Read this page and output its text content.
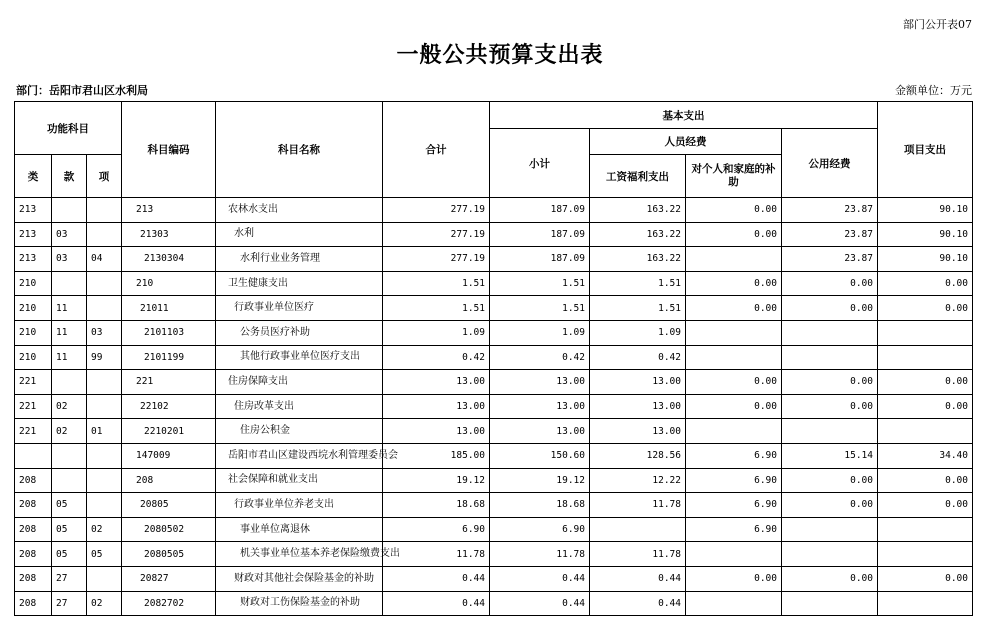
部门公开表07
一般公共预算支出表
部门：岳阳市君山区水利局	金额单位：万元
功能科目			科目编码	科目名称	合计	基本支出				项目支出
						小计	人员经费		公用经费	
类	款	项					工资福利支出	对个人和家庭的补助		
213			213	农林水支出	277.19	187.09	163.22	0.00	23.87	90.10
213	03		21303	水利	277.19	187.09	163.22	0.00	23.87	90.10
213	03	04	2130304	水利行业业务管理	277.19	187.09	163.22		23.87	90.10
210			210	卫生健康支出	1.51	1.51	1.51	0.00	0.00	0.00
210	11		21011	行政事业单位医疗	1.51	1.51	1.51	0.00	0.00	0.00
210	11	03	2101103	公务员医疗补助	1.09	1.09	1.09			
210	11	99	2101199	其他行政事业单位医疗支出	0.42	0.42	0.42			
221			221	住房保障支出	13.00	13.00	13.00	0.00	0.00	0.00
221	02		22102	住房改革支出	13.00	13.00	13.00	0.00	0.00	0.00
221	02	01	2210201	住房公积金	13.00	13.00	13.00			
			147009	岳阳市君山区建设西垸水利管理委员会	185.00	150.60	128.56	6.90	15.14	34.40
208			208	社会保障和就业支出	19.12	19.12	12.22	6.90	0.00	0.00
208	05		20805	行政事业单位养老支出	18.68	18.68	11.78	6.90	0.00	0.00
208	05	02	2080502	事业单位离退休	6.90	6.90		6.90		
208	05	05	2080505	机关事业单位基本养老保险缴费支出	11.78	11.78	11.78			
208	27		20827	财政对其他社会保险基金的补助	0.44	0.44	0.44	0.00	0.00	0.00
208	27	02	2082702	财政对工伤保险基金的补助	0.44	0.44	0.44			
